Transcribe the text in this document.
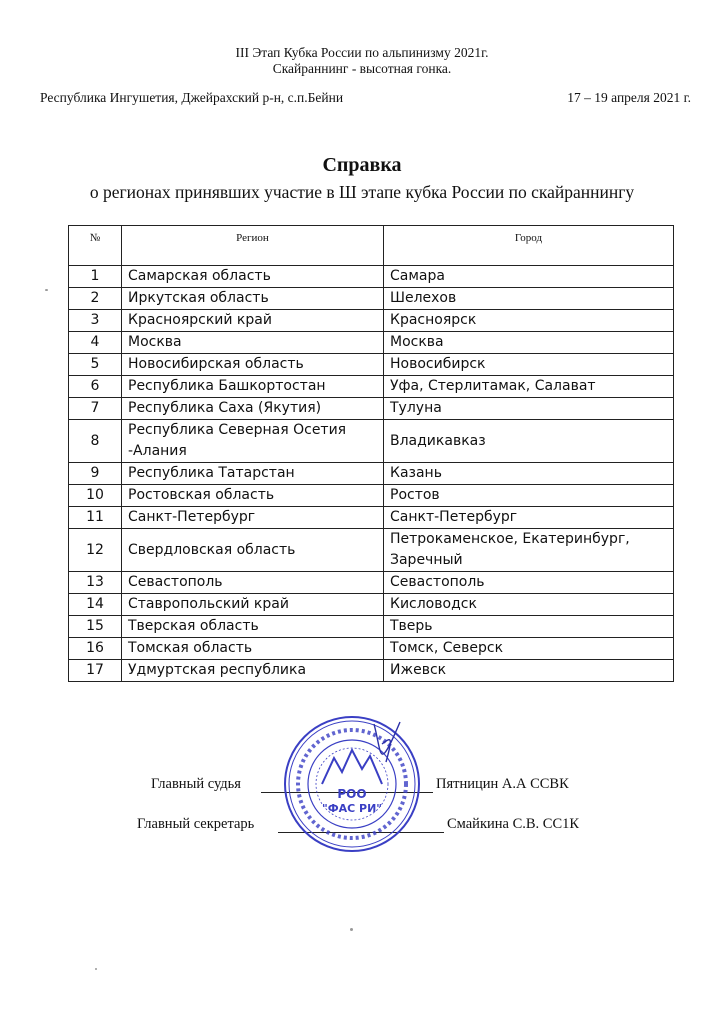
III Этап Кубка России по альпинизму 2021г.
Скайраннинг - высотная гонка.
Республика Ингушетия, Джейрахский р-н, с.п.Бейни	17 – 19 апреля 2021 г.
Справка
о регионах принявших участие в Ш этапе кубка России по скайраннингу
№	Регион	Город
1	Самарская область	Самара
2	Иркутская область	Шелехов
3	Красноярский край	Красноярск
4	Москва	Москва
5	Новосибирская область	Новосибирск
6	Республика Башкортостан	Уфа, Стерлитамак, Салават
7	Республика Саха (Якутия)	Тулуна
8	Республика Северная Осетия -Алания	Владикавказ
9	Республика Татарстан	Казань
10	Ростовская область	Ростов
11	Санкт-Петербург	Санкт-Петербург
12	Свердловская область	Петрокаменское, Екатеринбург, Заречный
13	Севастополь	Севастополь
14	Ставропольский край	Кисловодск
15	Тверская область	Тверь
16	Томская область	Томск, Северск
17	Удмуртская республика	Ижевск
Главный судья	Пятницин А.А ССВК
Главный секретарь	Смайкина С.В. СС1К
РОО
"ФАС РИ"
